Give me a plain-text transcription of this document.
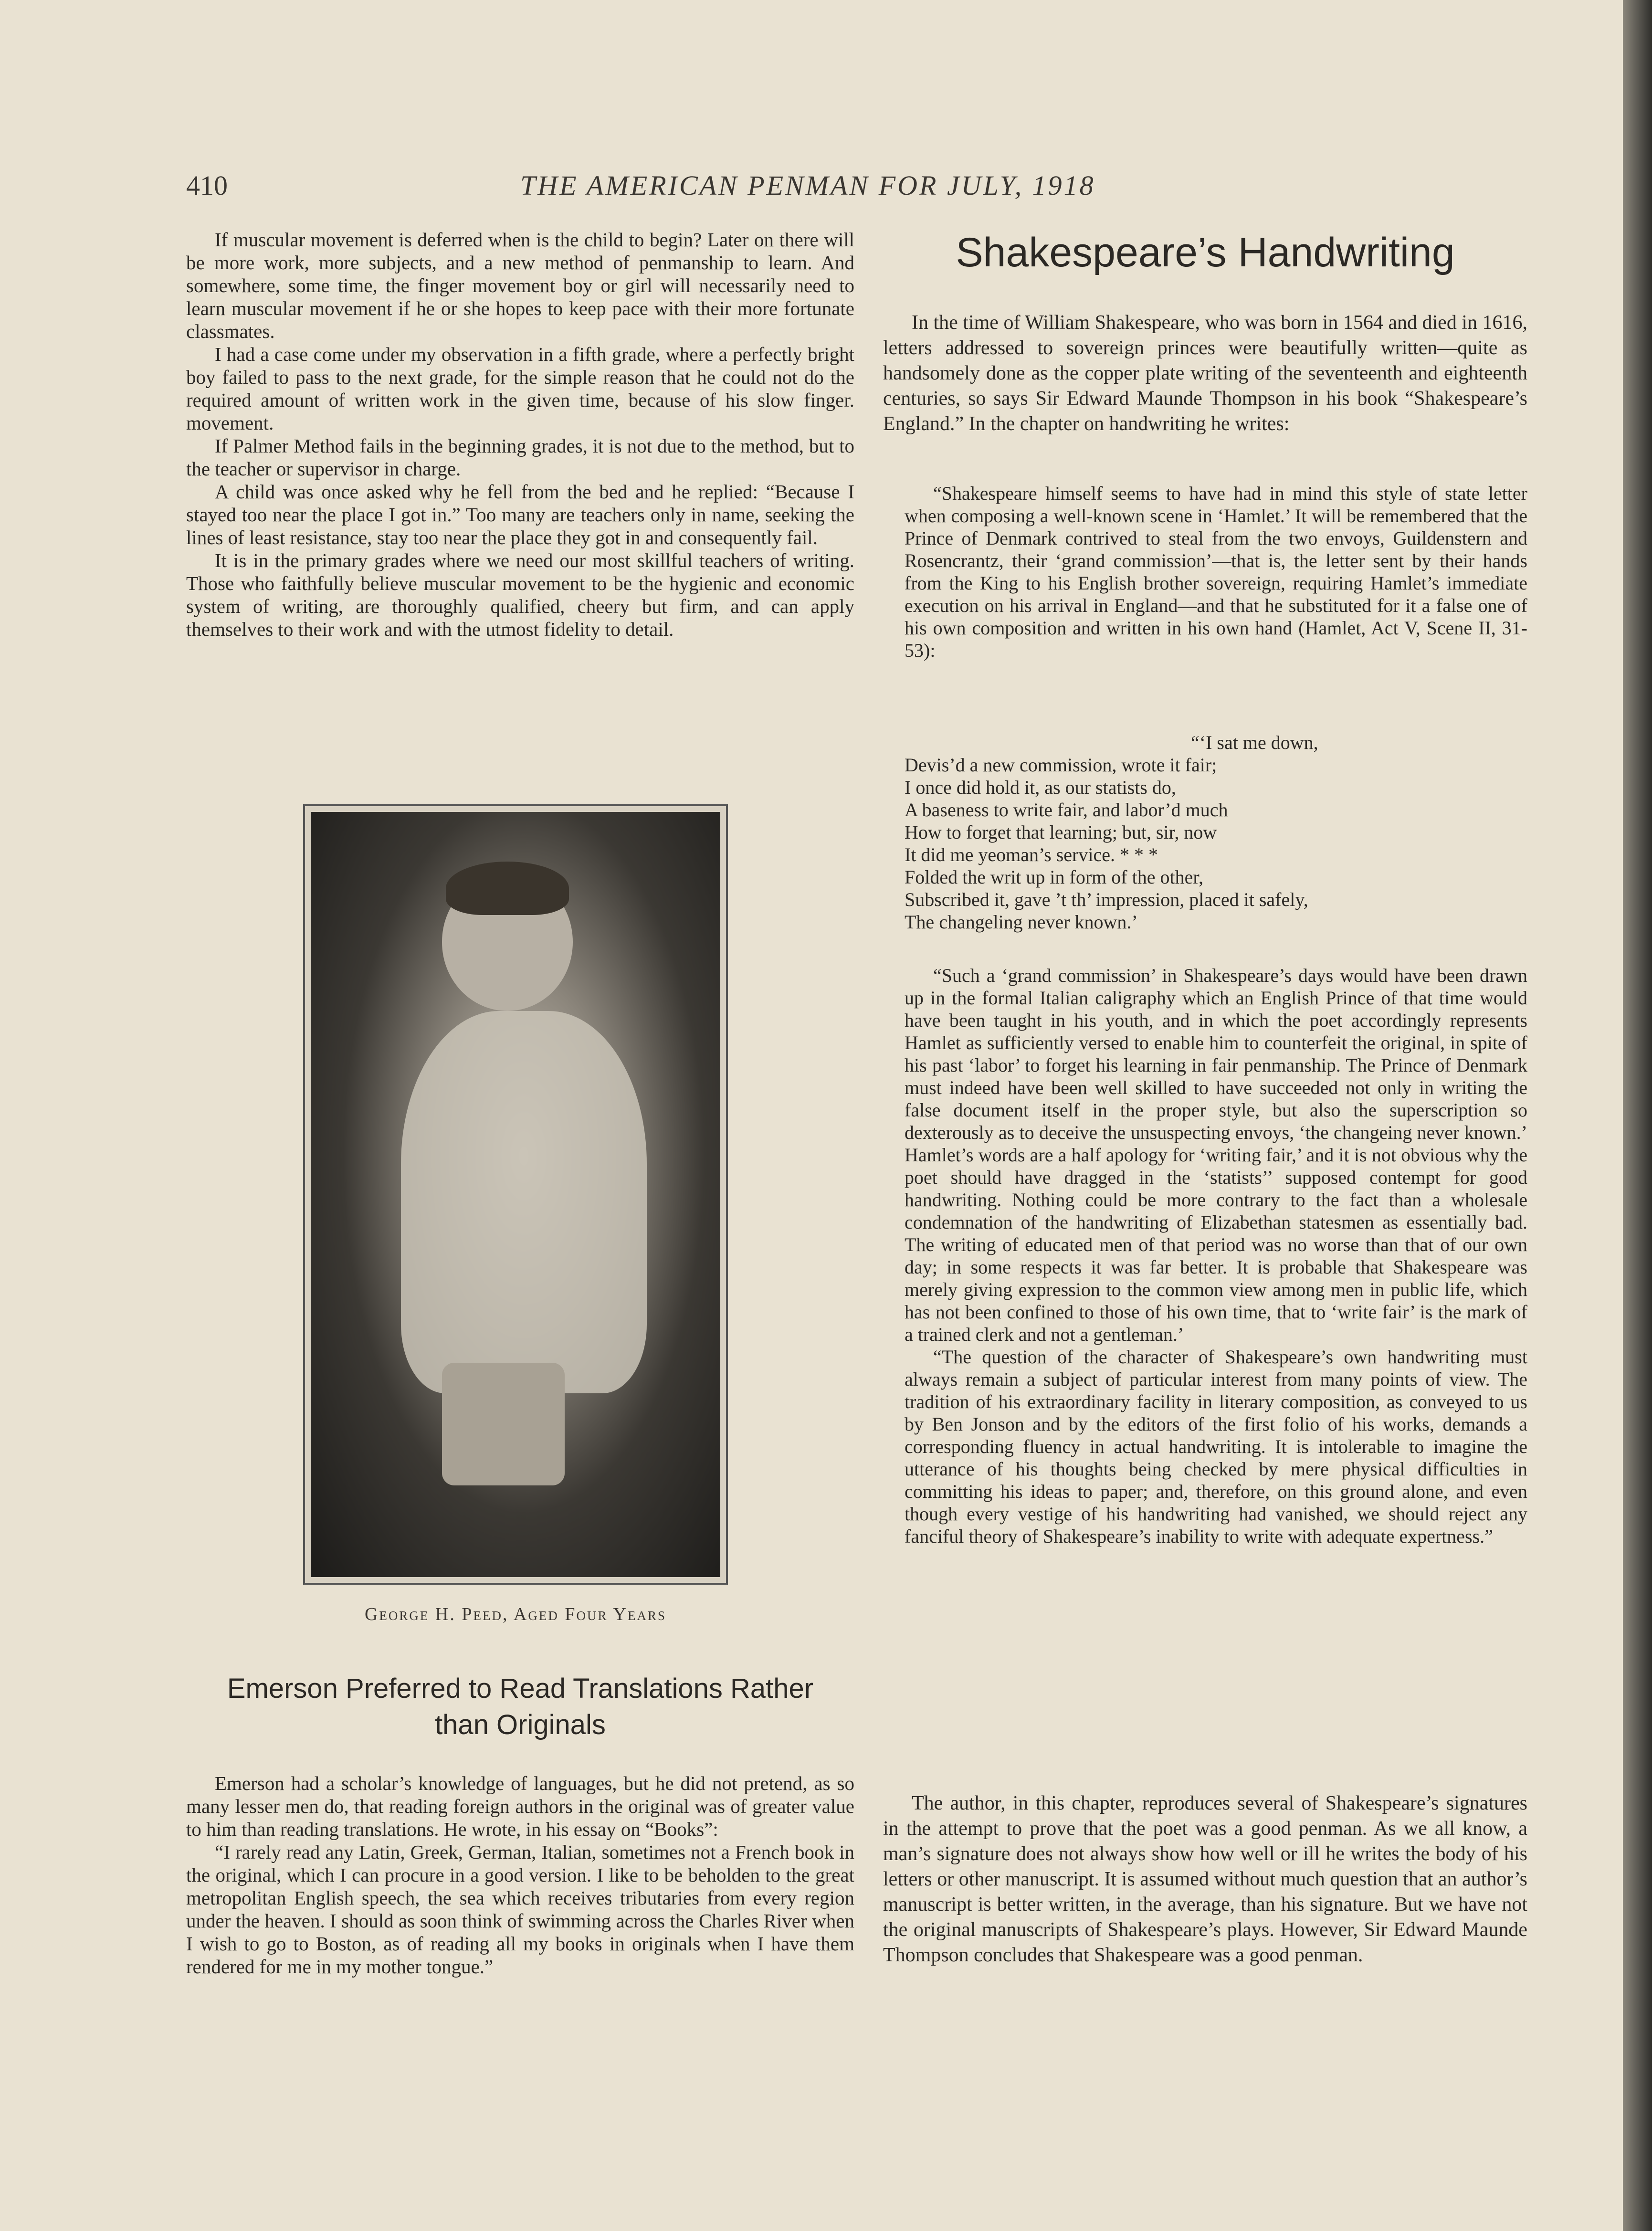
410	THE AMERICAN PENMAN FOR JULY, 1918

If muscular movement is deferred when is the child to begin? Later on there will be more work, more subjects, and a new method of penmanship to learn. And somewhere, some time, the finger movement boy or girl will necessarily need to learn muscular movement if he or she hopes to keep pace with their more fortunate classmates.

I had a case come under my observation in a fifth grade, where a perfectly bright boy failed to pass to the next grade, for the simple reason that he could not do the required amount of written work in the given time, because of his slow finger. movement.

If Palmer Method fails in the beginning grades, it is not due to the method, but to the teacher or supervisor in charge.

A child was once asked why he fell from the bed and he replied: “Because I stayed too near the place I got in.” Too many are teachers only in name, seeking the lines of least resistance, stay too near the place they got in and consequently fail.

It is in the primary grades where we need our most skillful teachers of writing. Those who faithfully believe muscular movement to be the hygienic and economic system of writing, are thoroughly qualified, cheery but firm, and can apply themselves to their work and with the utmost fidelity to detail.

George H. Peed, Aged Four Years
Emerson Preferred to Read Translations Rather
than Originals

Emerson had a scholar’s knowledge of languages, but he did not pretend, as so many lesser men do, that reading foreign authors in the original was of greater value to him than reading translations. He wrote, in his essay on “Books”:

“I rarely read any Latin, Greek, German, Italian, sometimes not a French book in the original, which I can procure in a good version. I like to be beholden to the great metropolitan English speech, the sea which receives tributaries from every region under the heaven. I should as soon think of swimming across the Charles River when I wish to go to Boston, as of reading all my books in originals when I have them rendered for me in my mother tongue.”

Shakespeare’s Handwriting

In the time of William Shakespeare, who was born in 1564 and died in 1616, letters addressed to sovereign princes were beautifully written—quite as handsomely done as the copper plate writing of the seventeenth and eighteenth centuries, so says Sir Edward Maunde Thompson in his book “Shakespeare’s England.” In the chapter on handwriting he writes:

“Shakespeare himself seems to have had in mind this style of state letter when composing a well-known scene in ‘Hamlet.’ It will be remembered that the Prince of Denmark contrived to steal from the two envoys, Guildenstern and Rosencrantz, their ‘grand commission’—that is, the letter sent by their hands from the King to his English brother sovereign, requiring Hamlet’s immediate execution on his arrival in England—and that he substituted for it a false one of his own composition and written in his own hand (Hamlet, Act V, Scene II, 31-53):

“‘I sat me down,
Devis’d a new commission, wrote it fair;
I once did hold it, as our statists do,
A baseness to write fair, and labor’d much
How to forget that learning; but, sir, now
It did me yeoman’s service. * * *
Folded the writ up in form of the other,
Subscribed it, gave ’t th’ impression, placed it safely,
The changeling never known.’

“Such a ‘grand commission’ in Shakespeare’s days would have been drawn up in the formal Italian caligraphy which an English Prince of that time would have been taught in his youth, and in which the poet accordingly represents Hamlet as sufficiently versed to enable him to counterfeit the original, in spite of his past ‘labor’ to forget his learning in fair penmanship. The Prince of Denmark must indeed have been well skilled to have succeeded not only in writing the false document itself in the proper style, but also the superscription so dexterously as to deceive the unsuspecting envoys, ‘the changeing never known.’ Hamlet’s words are a half apology for ‘writing fair,’ and it is not obvious why the poet should have dragged in the ‘statists’’ supposed contempt for good handwriting. Nothing could be more contrary to the fact than a wholesale condemnation of the handwriting of Elizabethan statesmen as essentially bad. The writing of educated men of that period was no worse than that of our own day; in some respects it was far better. It is probable that Shakespeare was merely giving expression to the common view among men in public life, which has not been confined to those of his own time, that to ‘write fair’ is the mark of a trained clerk and not a gentleman.’

“The question of the character of Shakespeare’s own handwriting must always remain a subject of particular interest from many points of view. The tradition of his extraordinary facility in literary composition, as conveyed to us by Ben Jonson and by the editors of the first folio of his works, demands a corresponding fluency in actual handwriting. It is intolerable to imagine the utterance of his thoughts being checked by mere physical difficulties in committing his ideas to paper; and, therefore, on this ground alone, and even though every vestige of his handwriting had vanished, we should reject any fanciful theory of Shakespeare’s inability to write with adequate expertness.”

The author, in this chapter, reproduces several of Shakespeare’s signatures in the attempt to prove that the poet was a good penman. As we all know, a man’s signature does not always show how well or ill he writes the body of his letters or other manuscript. It is assumed without much question that an author’s manuscript is better written, in the average, than his signature. But we have not the original manuscripts of Shakespeare’s plays. However, Sir Edward Maunde Thompson concludes that Shakespeare was a good penman.
